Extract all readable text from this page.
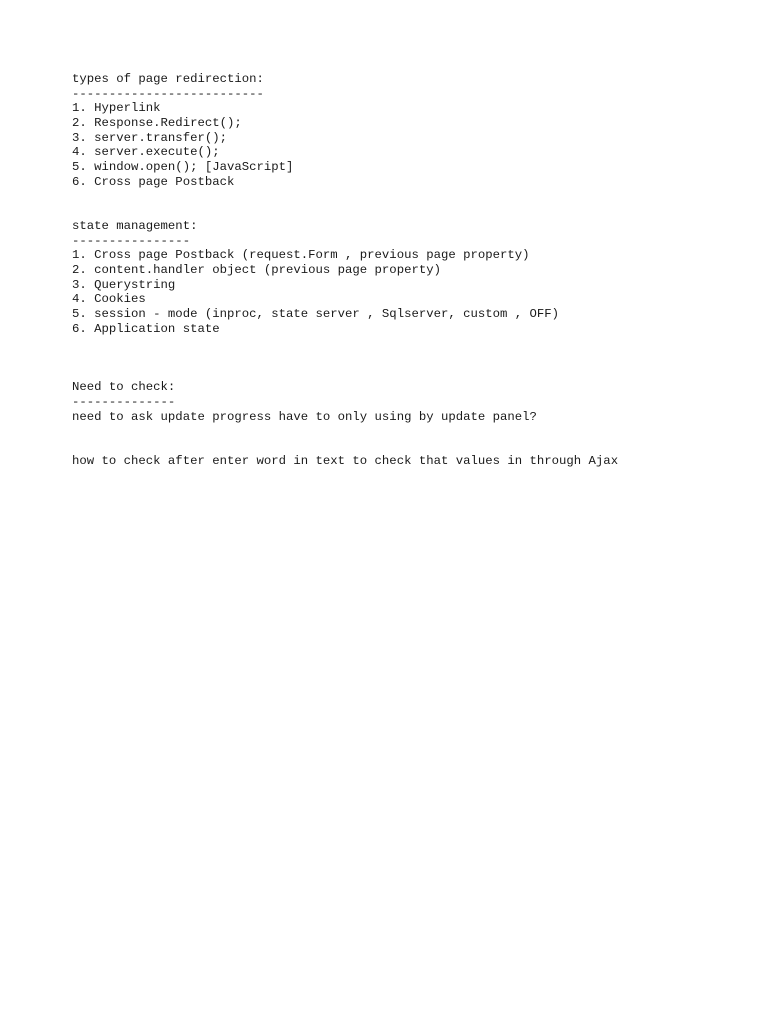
types of page redirection:
--------------------------
1. Hyperlink
2. Response.Redirect();
3. server.transfer();
4. server.execute();
5. window.open(); [JavaScript]
6. Cross page Postback
state management:
----------------
1. Cross page Postback (request.Form , previous page property)
2. content.handler object (previous page property)
3. Querystring
4. Cookies
5. session - mode (inproc, state server , Sqlserver, custom , OFF)
6. Application state
Need to check:
--------------
need to ask update progress have to only using by update panel?
how to check after enter word in text to check that values in through Ajax
